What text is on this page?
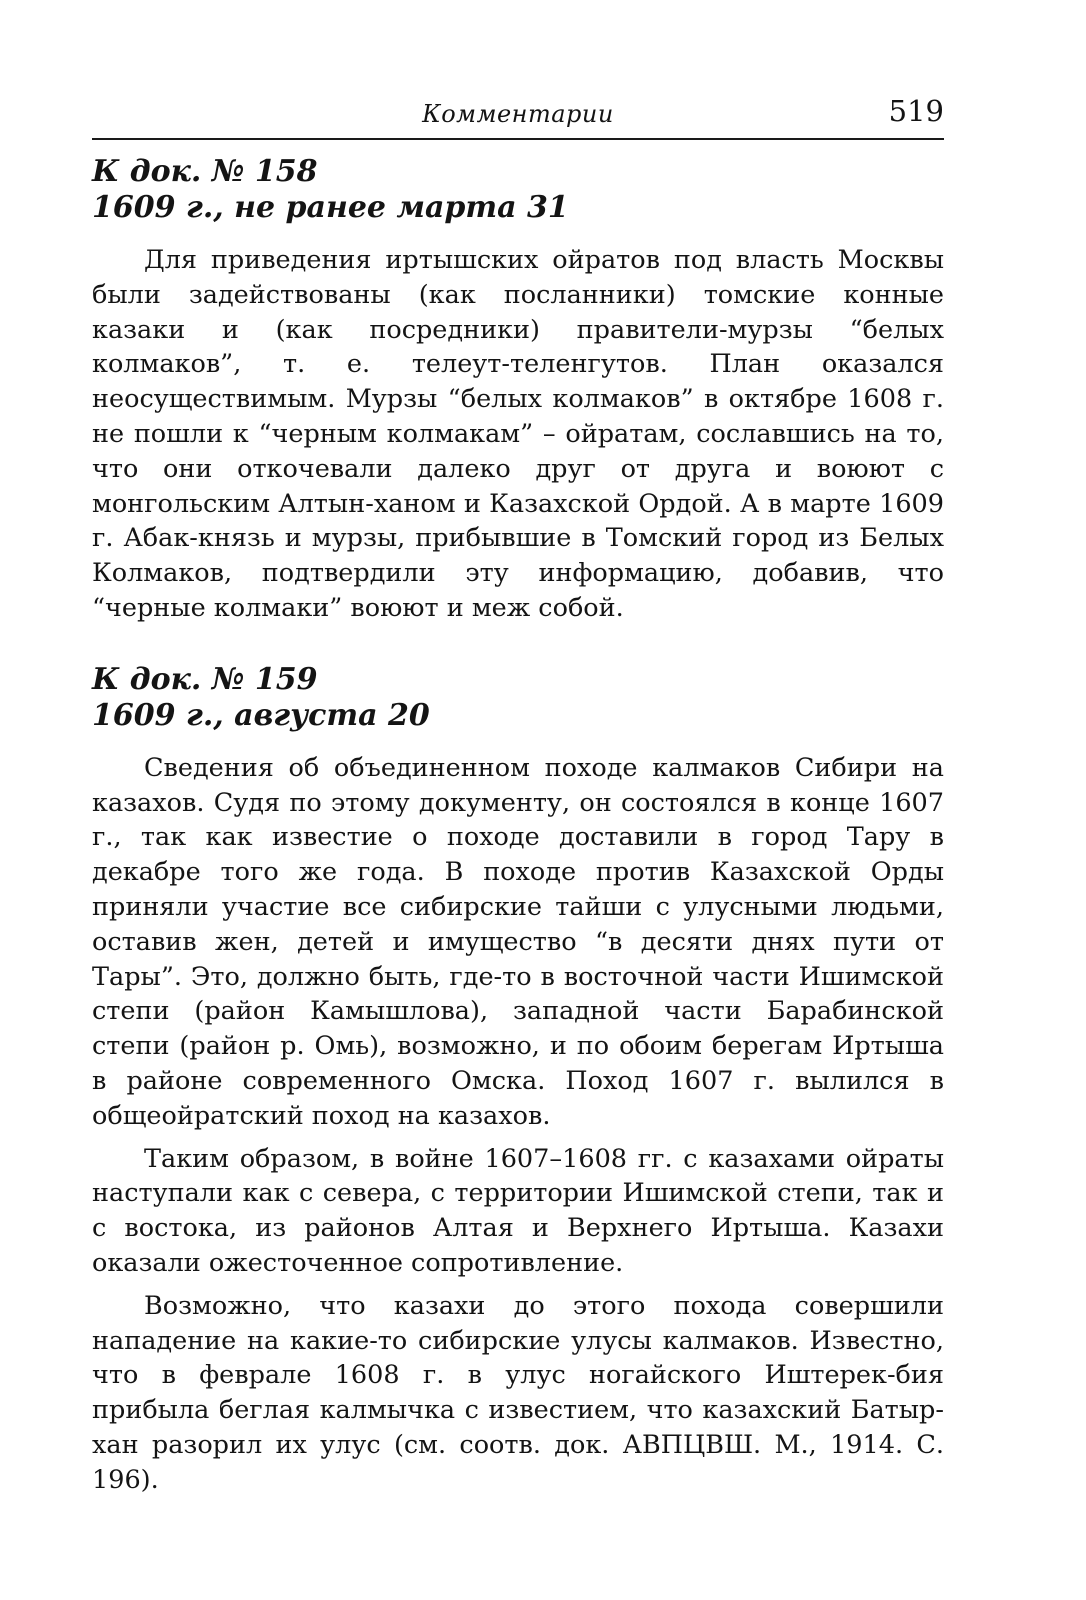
Комментарии	519
К док. № 158
1609 г., не ранее марта 31

Для приведения иртышских ойратов под власть Москвы были задействованы (как посланники) томские конные казаки и (как посредники) правители-мурзы “белых колмаков”, т. е. телеут-теленгутов. План оказался неосуществимым. Мурзы “белых колмаков” в октябре 1608 г. не пошли к “черным колмакам” – ойратам, сославшись на то, что они откочевали далеко друг от друга и воюют с монгольским Алтын-ханом и Казахской Ордой. А в марте 1609 г. Абак-князь и мурзы, прибывшие в Томский город из Белых Колмаков, подтвердили эту информацию, добавив, что “черные колмаки” воюют и меж собой.

К док. № 159
1609 г., августа 20

Сведения об объединенном походе калмаков Сибири на казахов. Судя по этому документу, он состоялся в конце 1607 г., так как известие о походе доставили в город Тару в декабре того же года. В походе против Казахской Орды приняли участие все сибирские тайши с улусными людьми, оставив жен, детей и имущество “в десяти днях пути от Тары”. Это, должно быть, где-то в восточной части Ишимской степи (район Камышлова), западной части Барабинской степи (район р. Омь), возможно, и по обоим берегам Иртыша в районе современного Омска. Поход 1607 г. вылился в общеойратский поход на казахов.

Таким образом, в войне 1607–1608 гг. с казахами ойраты наступали как с севера, с территории Ишимской степи, так и с востока, из районов Алтая и Верхнего Иртыша. Казахи оказали ожесточенное сопротивление.

Возможно, что казахи до этого похода совершили нападение на какие-то сибирские улусы калмаков. Известно, что в феврале 1608 г. в улус ногайского Иштерек-бия прибыла беглая калмычка с известием, что казахский Батыр-хан разорил их улус (см. соотв. док. АВПЦВШ. М., 1914. С. 196).
